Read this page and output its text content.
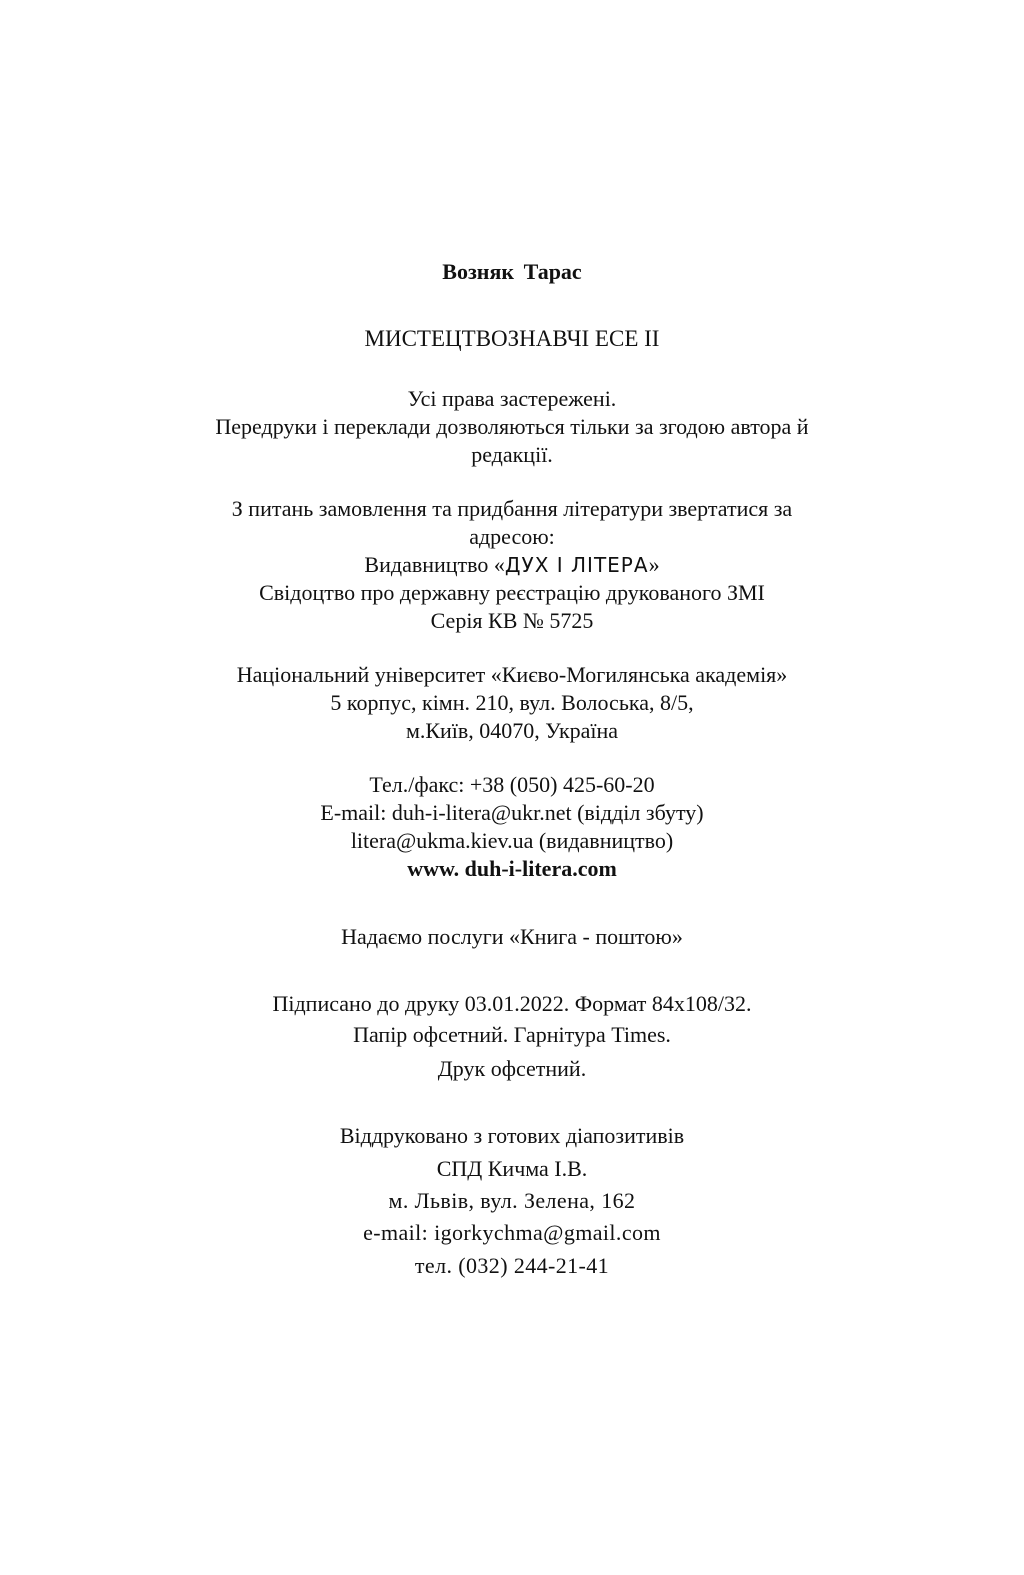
Возняк Тарас

МИСТЕЦТВОЗНАВЧІ ЕСЕ II

Усі права застережені.

Передруки і переклади дозволяються тільки за згодою автора й

редакції.

З питань замовлення та придбання літератури звертатися за

адресою:

Видавництво «ДУХ І ЛІТЕРА»

Свідоцтво про державну реєстрацію друкованого ЗМІ

Серія КВ № 5725

Національний університет «Києво-Могилянська академія»

5 корпус, кімн. 210, вул. Волоська, 8/5,

м.Київ, 04070, Україна

Тел./факс: +38 (050) 425-60-20

E-mail: duh-i-litera@ukr.net (відділ збуту)

litera@ukma.kiev.ua (видавництво)

www. duh-i-litera.com

Надаємо послуги «Книга - поштою»

Підписано до друку 03.01.2022. Формат 84х108/32.

Папір офсетний. Гарнітура Times.

Друк офсетний.

Віддруковано з готових діапозитивів

СПД Кичма І.В.

м. Львів, вул. Зелена, 162

e-mail: igorkychma@gmail.com

тел. (032) 244-21-41
